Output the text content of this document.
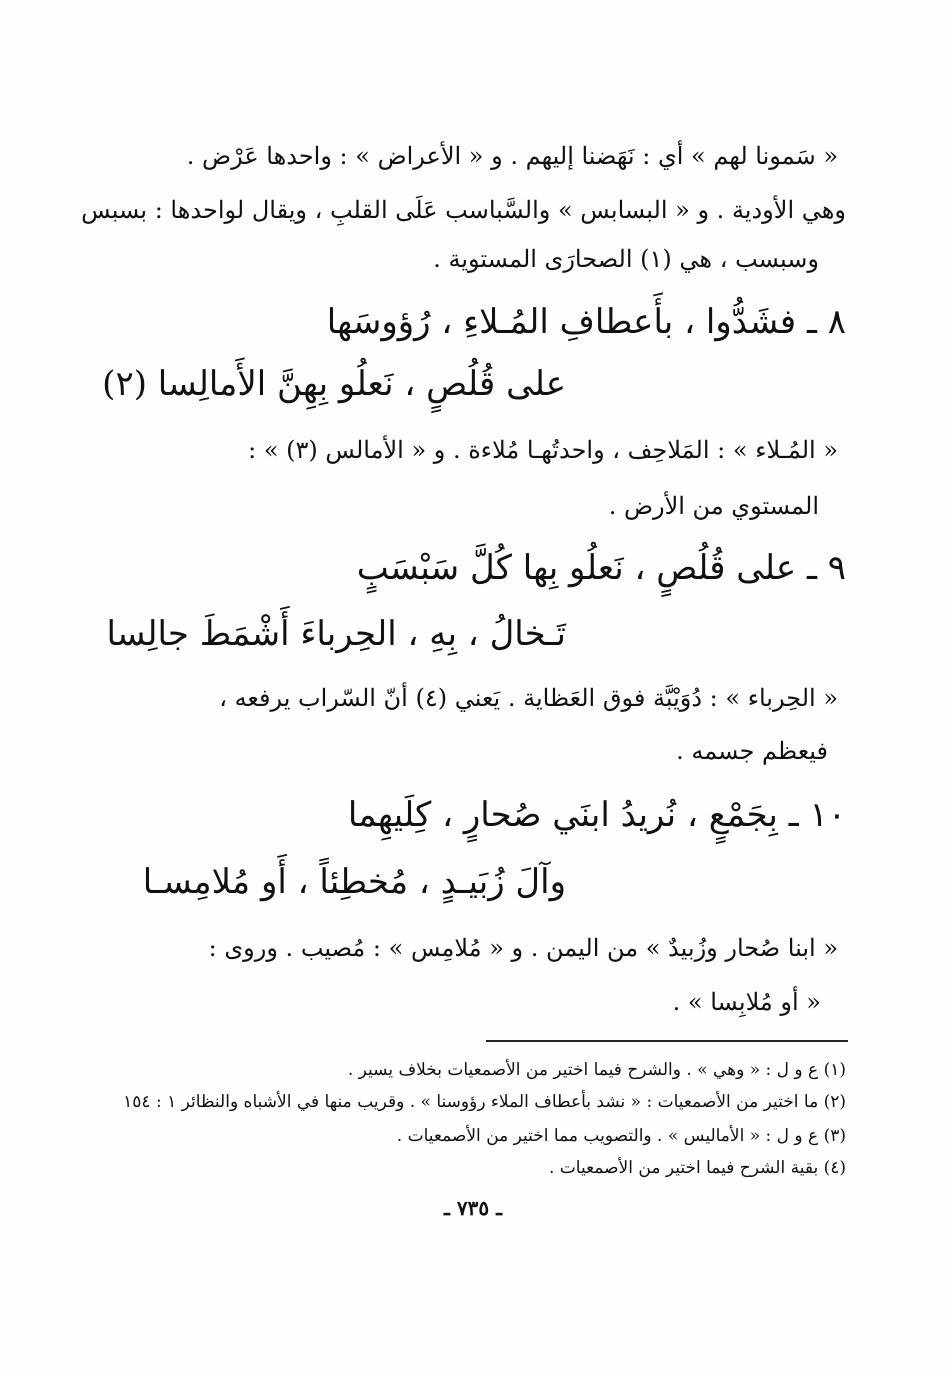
« سَمونا لهم » أي : نَهَضنا إليهم . و « الأعراض » : واحدها عَرْض .
وهي الأودية . و « البسابس » والسَّباسب عَلَى القلبِ ، ويقال لواحدها : بسبس
وسبسب ، هي (١) الصحارَى المستوية .
٨ ـ فشَدُّوا ، بأَعطافِ المُـلاءِ ، رُؤوسَها
على قُلُصٍ ، نَعلُو بِهِنَّ الأَمالِسا (٢)
« المُـلاء » : المَلاحِف ، واحدتُهـا مُلاءة . و « الأمالس (٣) » :
المستوي من الأرض .
٩ ـ على قُلُصٍ ، نَعلُو بِها كُلَّ سَبْسَبٍ
تَـخالُ ، بِهِ ، الحِرباءَ أَشْمَطَ جالِسا
« الحِرباء » : دُوَيْبَّة فوق العَظاية . يَعني (٤) أنّ السّراب يرفعه ،
فيعظم جسمه .
١٠ ـ بِجَمْعٍ ، نُريدُ ابنَي صُحارٍ ، كِلَيهِما
وآلَ زُبَيـدٍ ، مُخطِئاً ، أَو مُلامِسـا
« ابنا صُحار وزُبيدٌ » من اليمن . و « مُلامِس » : مُصيب . وروى :
« أو مُلابِسا » .
(١) ع و ل : « وهي » . والشرح فيما اختير من الأصمعيات بخلاف يسير .
(٢) ما اختير من الأصمعيات : « نشد بأعطاف الملاء رؤوسنا » . وقريب منها في الأشباه والنظائر ١ : ١٥٤
(٣) ع و ل : « الأماليس » . والتصويب مما اختير من الأصمعيات .
(٤) بقية الشرح فيما اختير من الأصمعيات .
ـ ٧٣٥ ـ
